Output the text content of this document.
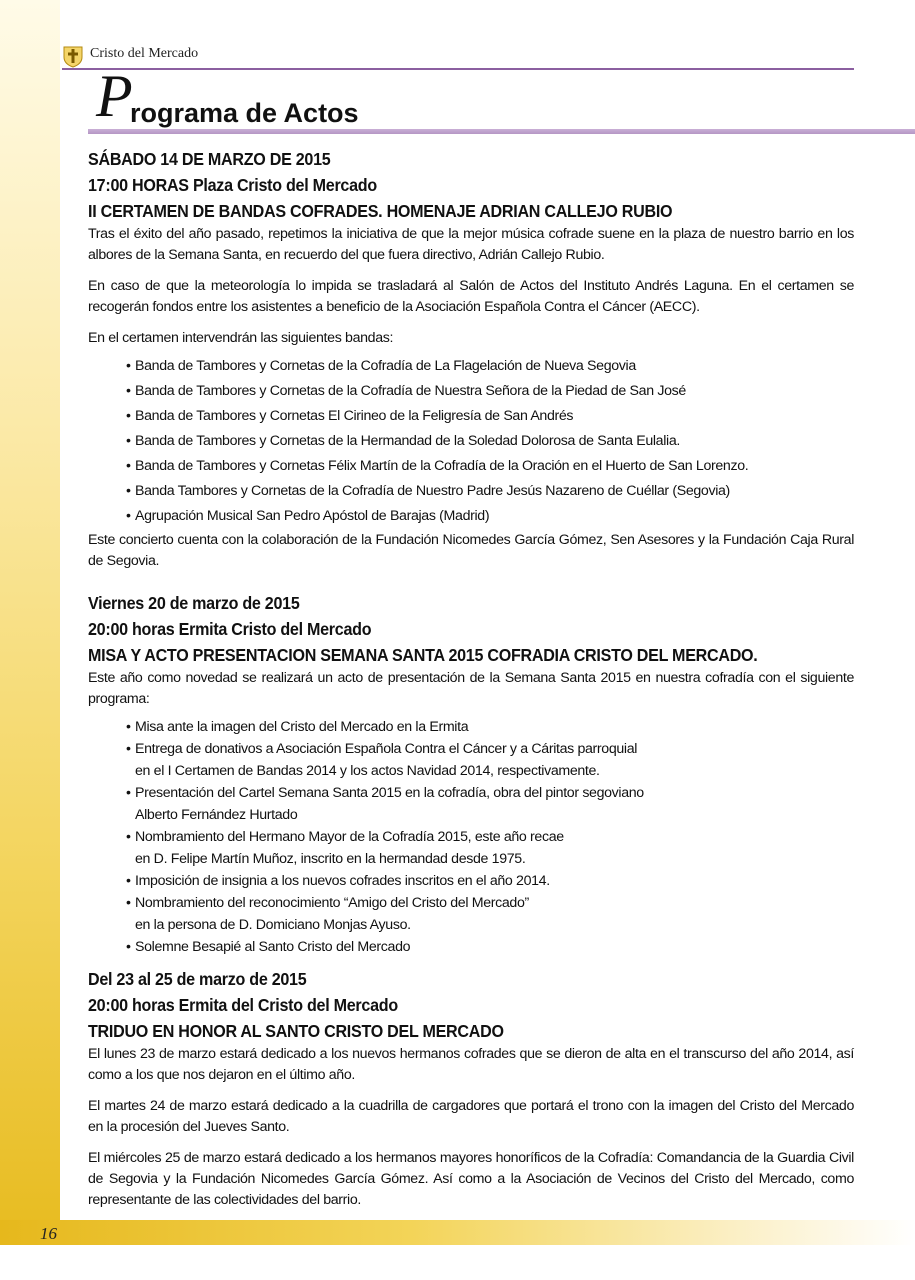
16
Cristo del Mercado
P
rograma de Actos
SÁBADO 14 DE MARZO DE 2015
17:00 HORAS Plaza Cristo del Mercado
II CERTAMEN DE BANDAS COFRADES. HOMENAJE ADRIAN CALLEJO RUBIO

Tras el éxito del año pasado, repetimos la iniciativa de que la mejor música cofrade suene en la plaza de nuestro barrio en los albores de la Semana Santa, en recuerdo del que fuera directivo, Adrián Callejo Rubio.

En caso de que la meteorología lo impida se trasladará al Salón de Actos del Instituto Andrés Laguna. En el certamen se recogerán fondos entre los asistentes a beneficio de la Asociación Española Contra el Cáncer (AECC).

En el certamen intervendrán las siguientes bandas:

• Banda de Tambores y Cornetas de la Cofradía de La Flagelación de Nueva Segovia
• Banda de Tambores y Cornetas de la Cofradía de Nuestra Señora de la Piedad de San José
• Banda de Tambores y Cornetas El Cirineo de la Feligresía de San Andrés
• Banda de Tambores y Cornetas de la Hermandad de la Soledad Dolorosa de Santa Eulalia.
• Banda de Tambores y Cornetas Félix Martín de la Cofradía de la Oración en el Huerto de San Lorenzo.
• Banda Tambores y Cornetas de la Cofradía de Nuestro Padre Jesús Nazareno de Cuéllar (Segovia)
• Agrupación Musical San Pedro Apóstol de Barajas (Madrid)

Este concierto cuenta con la colaboración de la Fundación Nicomedes García Gómez, Sen Asesores y la Fundación Caja Rural de Segovia.

Viernes 20 de marzo de 2015
20:00 horas Ermita Cristo del Mercado
MISA Y ACTO PRESENTACION SEMANA SANTA 2015 COFRADIA CRISTO DEL MERCADO.

Este año como novedad se realizará un acto de presentación de la Semana Santa 2015 en nuestra cofradía con el siguiente programa:

• Misa ante la imagen del Cristo del Mercado en la Ermita
• Entrega de donativos a Asociación Española Contra el Cáncer y a Cáritas parroquial
en el I Certamen de Bandas 2014 y los actos Navidad 2014, respectivamente.
• Presentación del Cartel Semana Santa 2015 en la cofradía, obra del pintor segoviano
Alberto Fernández Hurtado
• Nombramiento del Hermano Mayor de la Cofradía 2015, este año recae
en D. Felipe Martín Muñoz, inscrito en la hermandad desde 1975.
• Imposición de insignia a los nuevos cofrades inscritos en el año 2014.
• Nombramiento del reconocimiento “Amigo del Cristo del Mercado”
en la persona de D. Domiciano Monjas Ayuso.
• Solemne Besapié al Santo Cristo del Mercado
Del 23 al 25 de marzo de 2015
20:00 horas Ermita del Cristo del Mercado
TRIDUO EN HONOR AL SANTO CRISTO DEL MERCADO

El lunes 23 de marzo estará dedicado a los nuevos hermanos cofrades que se dieron de alta en el transcurso del año 2014, así como a los que nos dejaron en el último año.

El martes 24 de marzo estará dedicado a la cuadrilla de cargadores que portará el trono con la imagen del Cristo del Mercado en la procesión del Jueves Santo.

El miércoles 25 de marzo estará dedicado a los hermanos mayores honoríficos de la Cofradía: Comandancia de la Guardia Civil de Segovia y la Fundación Nicomedes García Gómez. Así como a la Asociación de Vecinos del Cristo del Mercado, como representante de las colectividades del barrio.
